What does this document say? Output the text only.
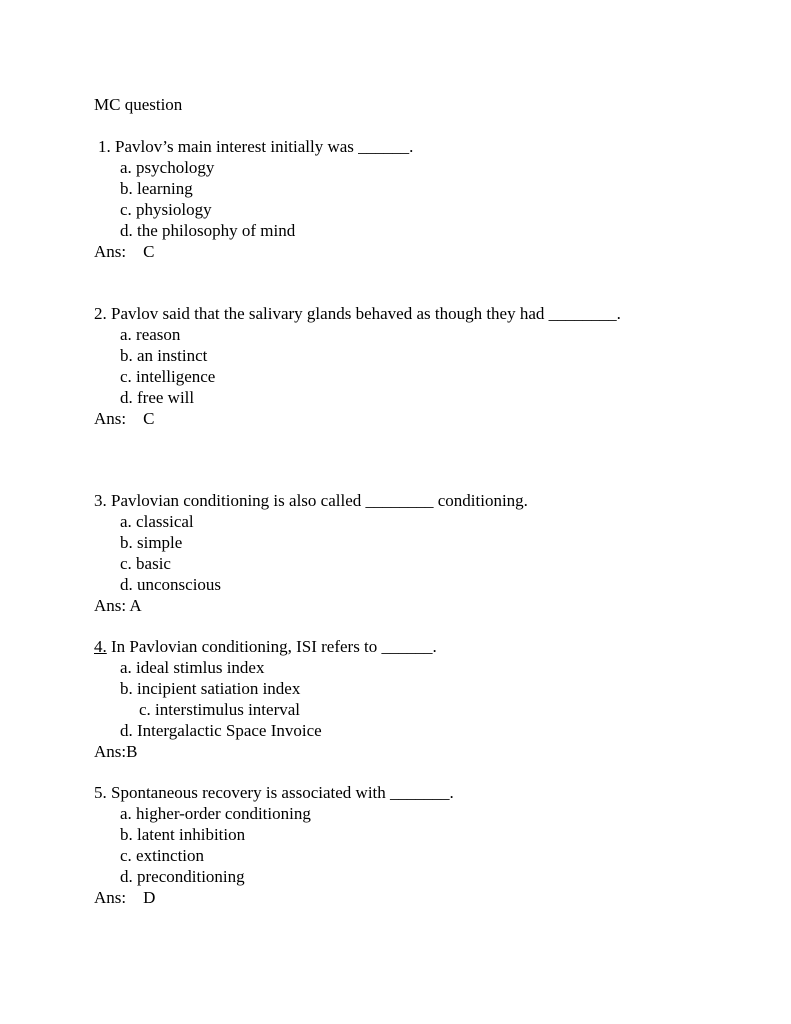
MC question
1. Pavlov’s main interest initially was ______.
a. psychology
b. learning
c. physiology
d. the philosophy of mind
Ans:    C
2. Pavlov said that the salivary glands behaved as though they had ________.
a. reason
b. an instinct
c. intelligence
d. free will
Ans:    C
3. Pavlovian conditioning is also called ________ conditioning.
a. classical
b. simple
c. basic
d. unconscious
Ans: A
4. In Pavlovian conditioning, ISI refers to ______.
a. ideal stimlus index
b. incipient satiation index
c. interstimulus interval
d. Intergalactic Space Invoice
Ans:B
5. Spontaneous recovery is associated with _______.
a. higher-order conditioning
b. latent inhibition
c. extinction
d. preconditioning
Ans:    D
